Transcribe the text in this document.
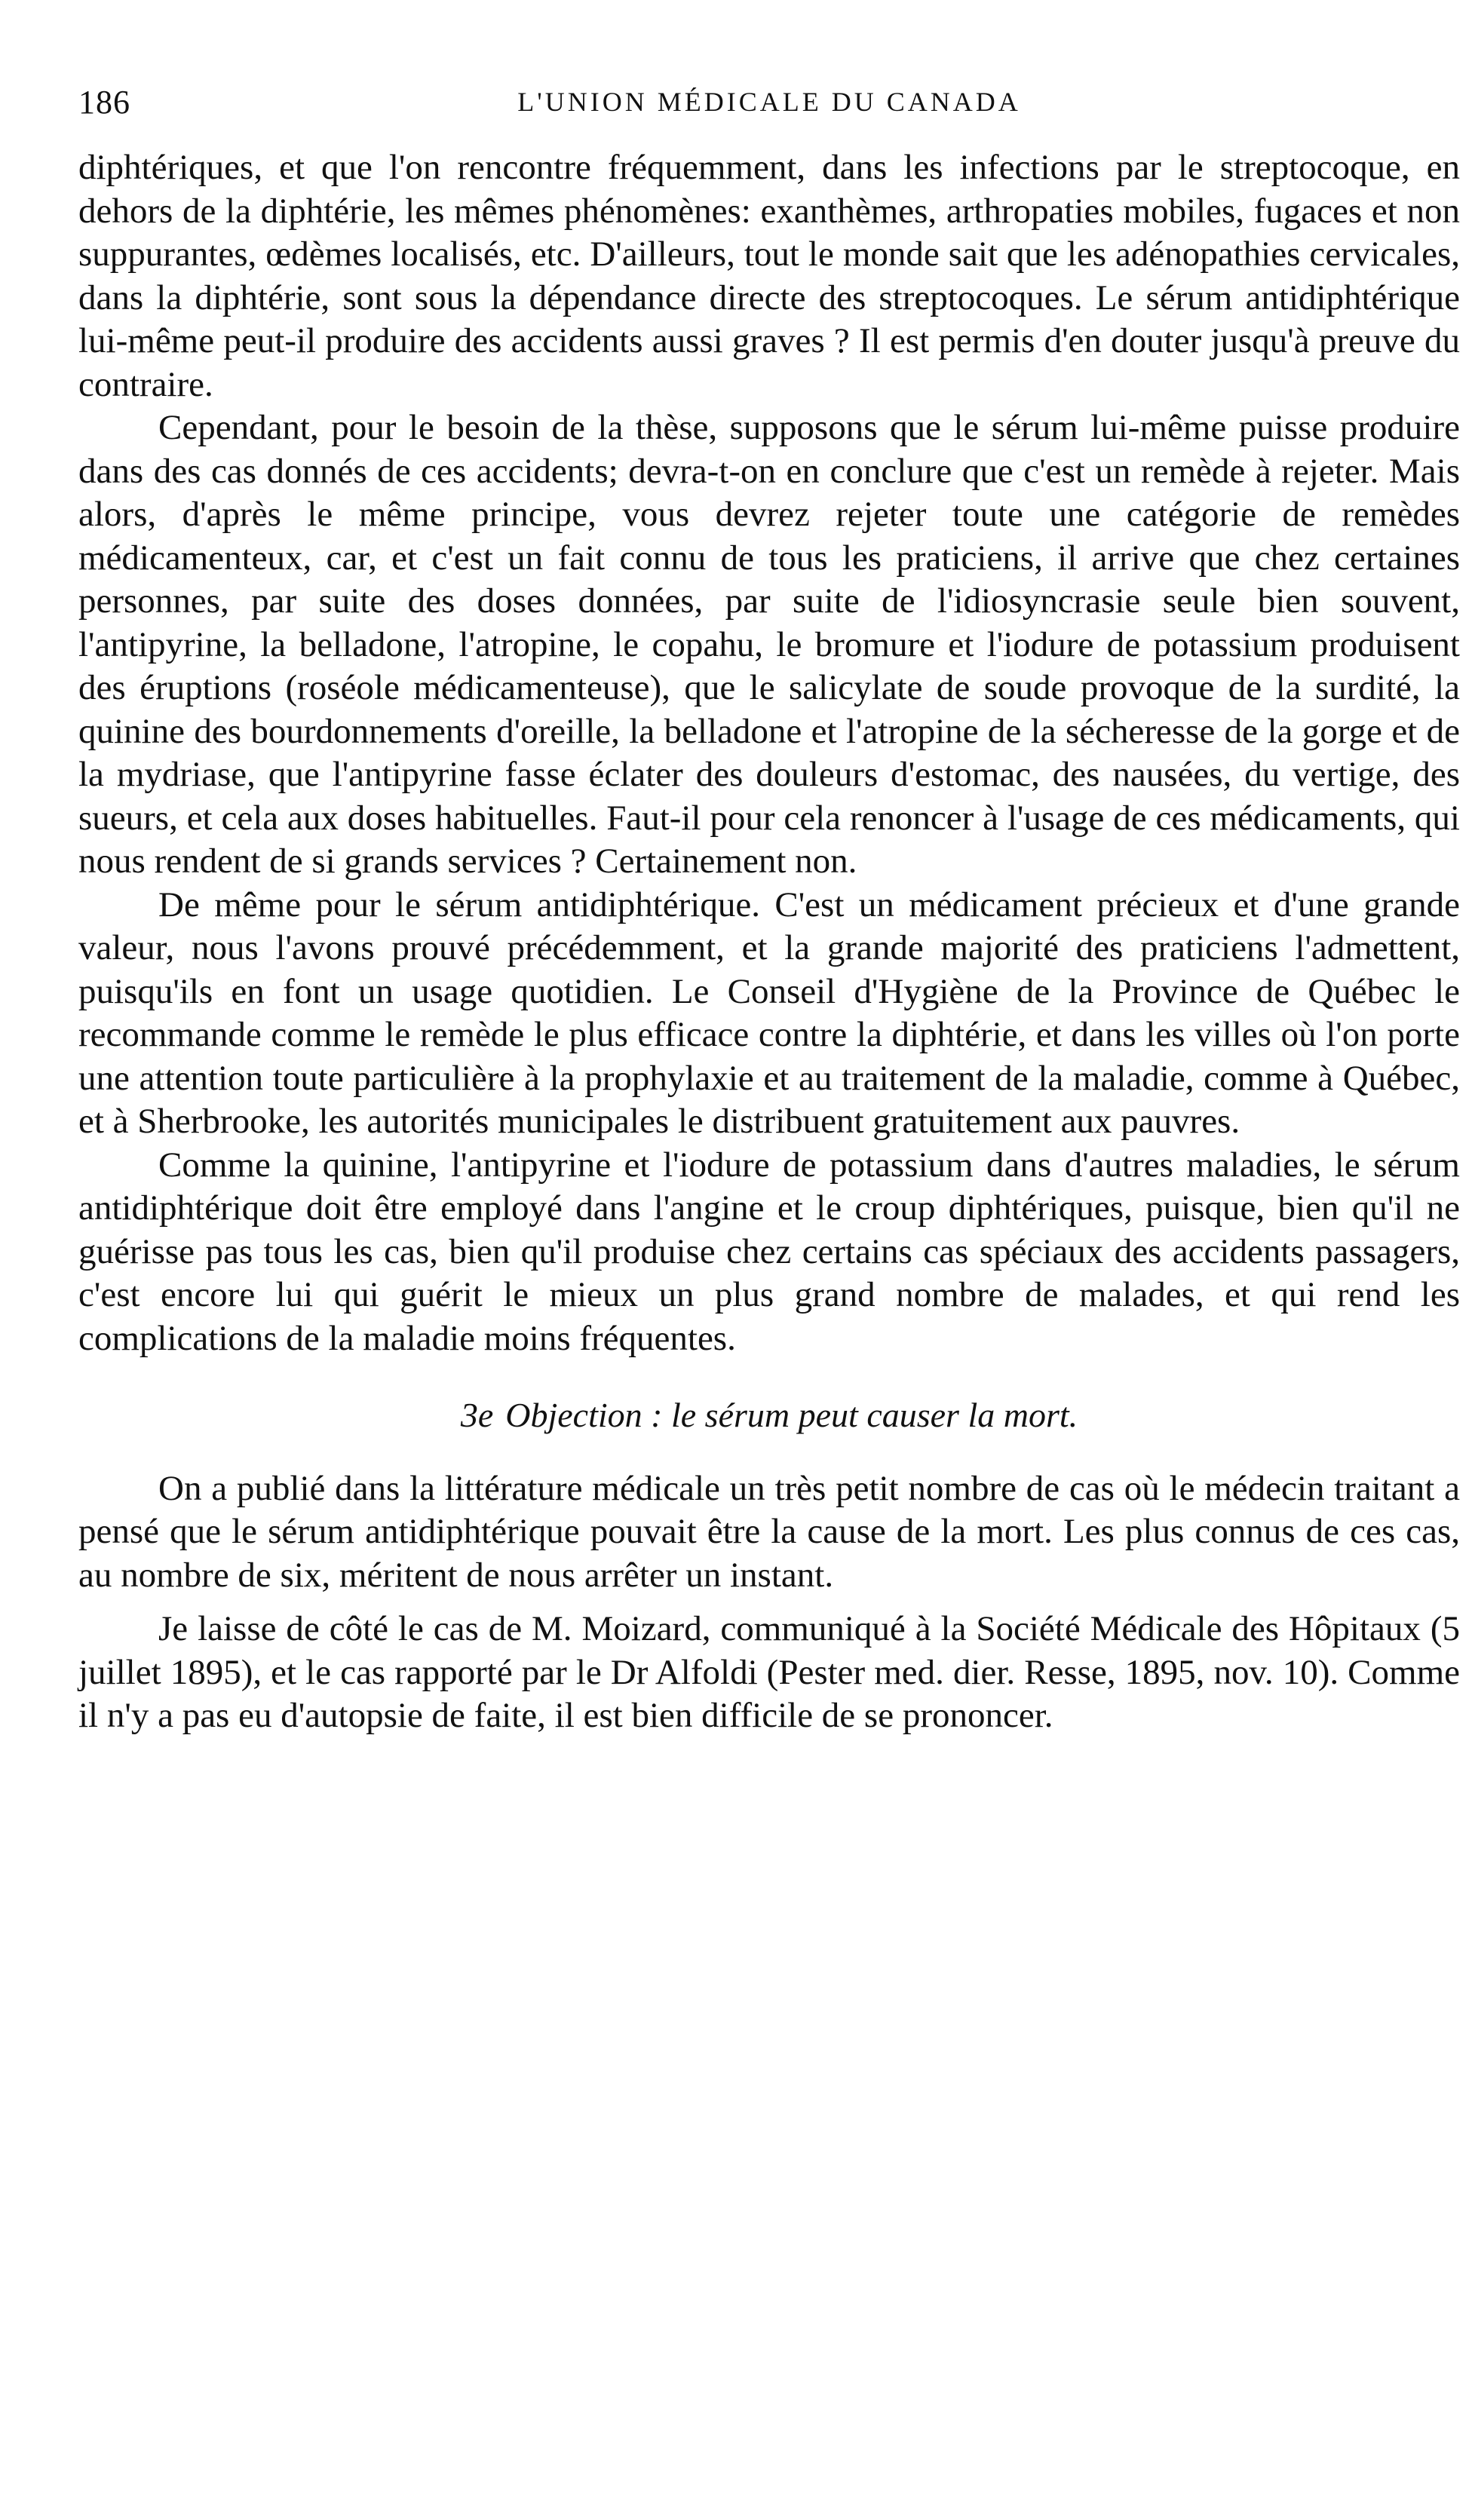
186	L'UNION MÉDICALE DU CANADA

diphtériques, et que l'on rencontre fréquemment, dans les infections par le streptocoque, en dehors de la diphtérie, les mêmes phénomènes: exanthèmes, arthropaties mobiles, fugaces et non suppurantes, œdèmes localisés, etc. D'ailleurs, tout le monde sait que les adénopathies cervicales, dans la diphtérie, sont sous la dépendance directe des streptocoques. Le sérum antidiphtérique lui-même peut-il produire des accidents aussi graves ? Il est permis d'en douter jusqu'à preuve du contraire.

Cependant, pour le besoin de la thèse, supposons que le sérum lui-même puisse produire dans des cas donnés de ces accidents; devra-t-on en conclure que c'est un remède à rejeter. Mais alors, d'après le même principe, vous devrez rejeter toute une catégorie de remèdes médicamenteux, car, et c'est un fait connu de tous les praticiens, il arrive que chez certaines personnes, par suite des doses données, par suite de l'idiosyncrasie seule bien souvent, l'antipyrine, la belladone, l'atropine, le copahu, le bromure et l'iodure de potassium produisent des éruptions (roséole médicamenteuse), que le salicylate de soude provoque de la surdité, la quinine des bourdonnements d'oreille, la belladone et l'atropine de la sécheresse de la gorge et de la mydriase, que l'antipyrine fasse éclater des douleurs d'estomac, des nausées, du vertige, des sueurs, et cela aux doses habituelles. Faut-il pour cela renoncer à l'usage de ces médicaments, qui nous rendent de si grands services ? Certainement non.

De même pour le sérum antidiphtérique. C'est un médicament précieux et d'une grande valeur, nous l'avons prouvé précédemment, et la grande majorité des praticiens l'admettent, puisqu'ils en font un usage quotidien. Le Conseil d'Hygiène de la Province de Québec le recommande comme le remède le plus efficace contre la diphtérie, et dans les villes où l'on porte une attention toute particulière à la prophylaxie et au traitement de la maladie, comme à Québec, et à Sherbrooke, les autorités municipales le distribuent gratuitement aux pauvres.

Comme la quinine, l'antipyrine et l'iodure de potassium dans d'autres maladies, le sérum antidiphtérique doit être employé dans l'angine et le croup diphtériques, puisque, bien qu'il ne guérisse pas tous les cas, bien qu'il produise chez certains cas spéciaux des accidents passagers, c'est encore lui qui guérit le mieux un plus grand nombre de malades, et qui rend les complications de la maladie moins fréquentes.

3e Objection : le sérum peut causer la mort.

On a publié dans la littérature médicale un très petit nombre de cas où le médecin traitant a pensé que le sérum antidiphtérique pouvait être la cause de la mort. Les plus connus de ces cas, au nombre de six, méritent de nous arrêter un instant.

Je laisse de côté le cas de M. Moizard, communiqué à la Société Médicale des Hôpitaux (5 juillet 1895), et le cas rapporté par le Dr Alfoldi (Pester med. dier. Resse, 1895, nov. 10). Comme il n'y a pas eu d'autopsie de faite, il est bien difficile de se prononcer.
